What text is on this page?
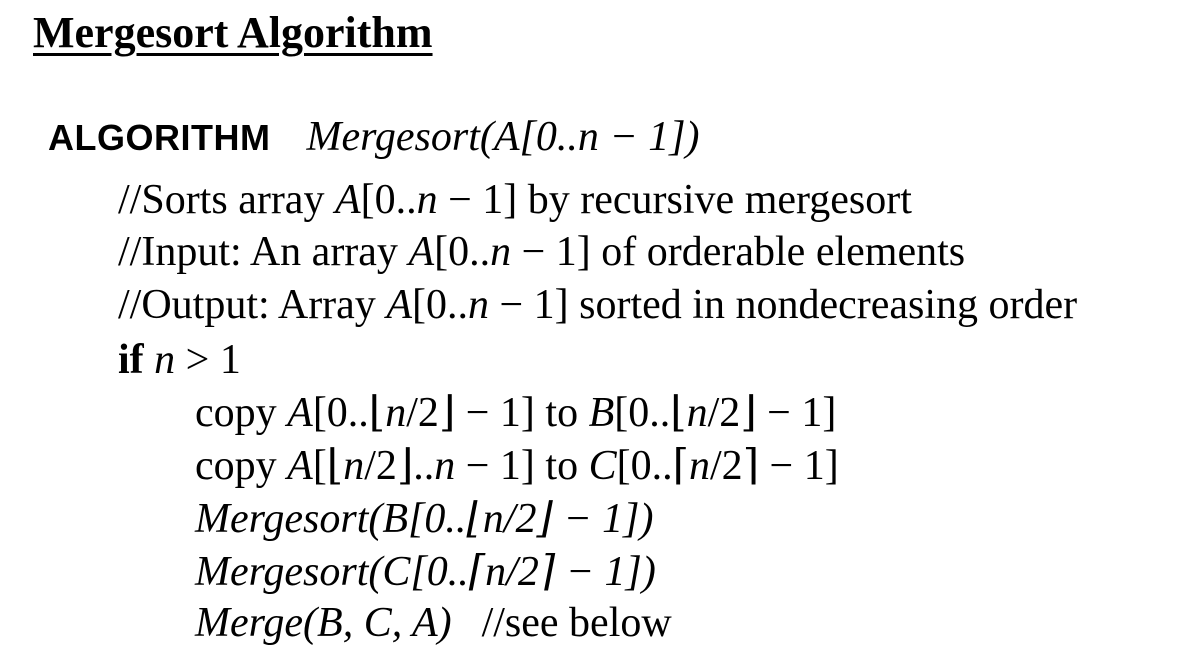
Mergesort Algorithm
ALGORITHM Mergesort(A[0..n − 1])
//Sorts array A[0..n − 1] by recursive mergesort
//Input: An array A[0..n − 1] of orderable elements
//Output: Array A[0..n − 1] sorted in nondecreasing order
if n > 1
copy A[0..⌊n/2⌋ − 1] to B[0..⌊n/2⌋ − 1]
copy A[⌊n/2⌋..n − 1] to C[0..⌈n/2⌉ − 1]
Mergesort(B[0..⌊n/2⌋ − 1])
Mergesort(C[0..⌈n/2⌉ − 1])
Merge(B, C, A) //see below
